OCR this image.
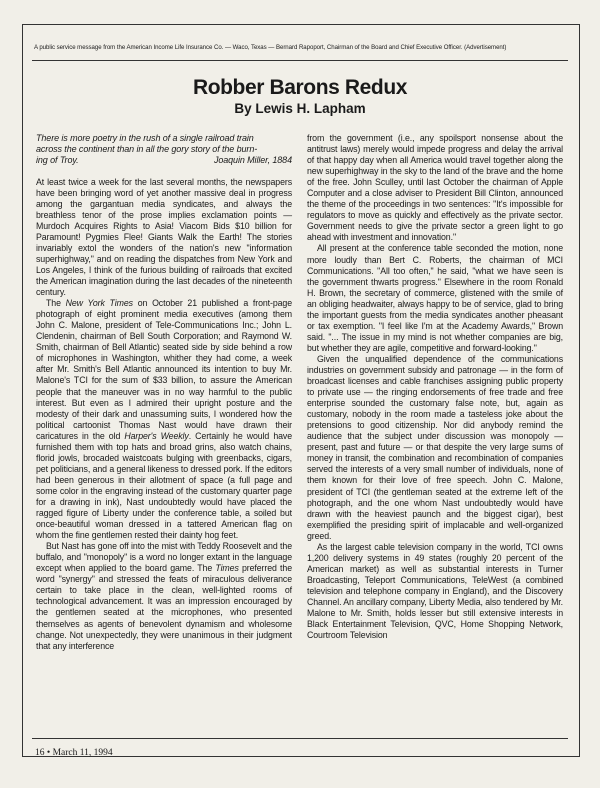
A public service message from the American Income Life Insurance Co. — Waco, Texas — Bernard Rapoport, Chairman of the Board and Chief Executive Officer. (Advertisement)
Robber Barons Redux
By Lewis H. Lapham
There is more poetry in the rush of a single railroad train
across the continent than in all the gory story of the burn-
ing of Troy.	Joaquin Miller, 1884

At least twice a week for the last several months, the newspapers have been bringing word of yet another massive deal in progress among the gargantuan media syndicates, and always the breathless tenor of the prose implies exclamation points — Murdoch Acquires Rights to Asia! Viacom Bids $10 billion for Paramount! Pygmies Flee! Giants Walk the Earth! The stories invariably extol the wonders of the nation's new "information superhighway," and on reading the dispatches from New York and Los Angeles, I think of the furious building of railroads that excited the American imagination during the last decades of the nineteenth century.

The New York Times on October 21 published a front-page photograph of eight prominent media executives (among them John C. Malone, president of Tele-Communications Inc.; John L. Clendenin, chairman of Bell South Corporation; and Raymond W. Smith, chairman of Bell Atlantic) seated side by side behind a row of microphones in Washington, whither they had come, a week after Mr. Smith's Bell Atlantic announced its intention to buy Mr. Malone's TCI for the sum of $33 billion, to assure the American people that the maneuver was in no way harmful to the public interest. But even as I admired their upright posture and the modesty of their dark and unassuming suits, I wondered how the political cartoonist Thomas Nast would have drawn their caricatures in the old Harper's Weekly. Certainly he would have furnished them with top hats and broad grins, also watch chains, florid jowls, brocaded waistcoats bulging with greenbacks, cigars, pet politicians, and a general likeness to dressed pork. If the editors had been generous in their allotment of space (a full page and some color in the engraving instead of the customary quarter page for a drawing in ink), Nast undoubtedly would have placed the ragged figure of Liberty under the conference table, a soiled but once-beautiful woman dressed in a tattered American flag on whom the fine gentlemen rested their dainty hog feet.

But Nast has gone off into the mist with Teddy Roosevelt and the buffalo, and "monopoly" is a word no longer extant in the language except when applied to the board game. The Times preferred the word "synergy" and stressed the feats of miraculous deliverance certain to take place in the clean, well-lighted rooms of technological advancement. It was an impression encouraged by the gentlemen seated at the microphones, who presented themselves as agents of benevolent dynamism and wholesome change. Not unexpectedly, they were unanimous in their judgment that any interference

from the government (i.e., any spoilsport nonsense about the antitrust laws) merely would impede progress and delay the arrival of that happy day when all America would travel together along the new superhighway in the sky to the land of the brave and the home of the free. John Sculley, until last October the chairman of Apple Computer and a close adviser to President Bill Clinton, announced the theme of the proceedings in two sentences: "It's impossible for regulators to move as quickly and effectively as the private sector. Government needs to give the private sector a green light to go ahead with investment and innovation."

All present at the conference table seconded the motion, none more loudly than Bert C. Roberts, the chairman of MCI Communications. "All too often," he said, "what we have seen is the government thwarts progress." Elsewhere in the room Ronald H. Brown, the secretary of commerce, glistened with the smile of an obliging headwaiter, always happy to be of service, glad to bring the important guests from the media syndicates another pheasant or tax exemption. "I feel like I'm at the Academy Awards," Brown said. "... The issue in my mind is not whether companies are big, but whether they are agile, competitive and forward-looking."

Given the unqualified dependence of the communications industries on government subsidy and patronage — in the form of broadcast licenses and cable franchises assigning public property to private use — the ringing endorsements of free trade and free enterprise sounded the customary false note, but, again as customary, nobody in the room made a tasteless joke about the pretensions to good citizenship. Nor did anybody remind the audience that the subject under discussion was monopoly — present, past and future — or that despite the very large sums of money in transit, the combination and recombination of companies served the interests of a very small number of individuals, none of them known for their love of free speech. John C. Malone, president of TCI (the gentleman seated at the extreme left of the photograph, and the one whom Nast undoubtedly would have drawn with the heaviest paunch and the biggest cigar), best exemplified the presiding spirit of implacable and well-organized greed.

As the largest cable television company in the world, TCI owns 1,200 delivery systems in 49 states (roughly 20 percent of the American market) as well as substantial interests in Turner Broadcasting, Teleport Communications, TeleWest (a combined television and telephone company in England), and the Discovery Channel. An ancillary company, Liberty Media, also tendered by Mr. Malone to Mr. Smith, holds lesser but still extensive interests in Black Entertainment Television, QVC, Home Shopping Network, Courtroom Television

16 • March 11, 1994
